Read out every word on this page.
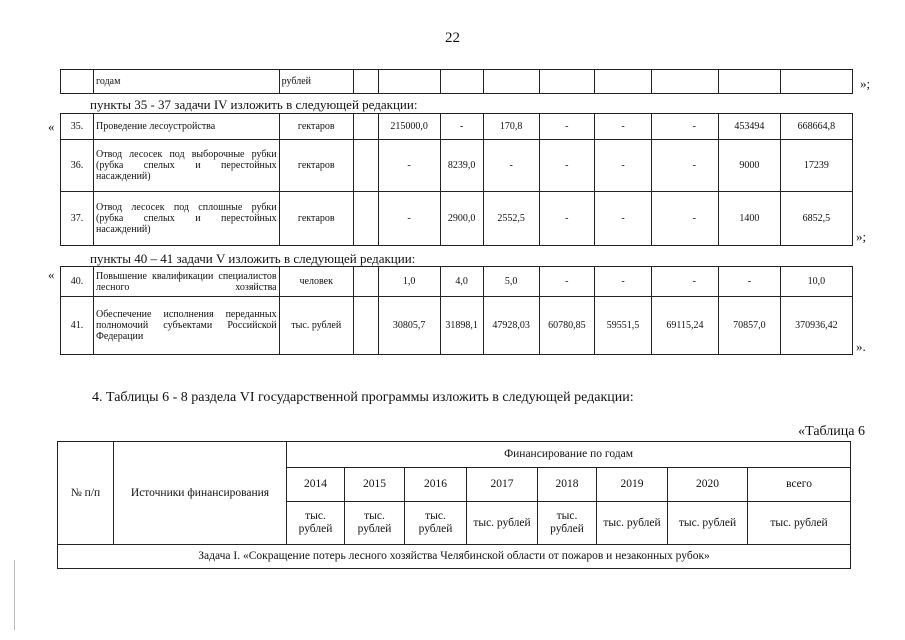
22
	годам	рублей										»;
пункты 35 - 37 задачи IV изложить в следующей редакции:
« 35.	Проведение лесоустройства	гектаров		215000,0	-	170,8	-	-	-	453494	668664,8
36.	Отвод лесосек под выборочные рубки (рубка спелых и перестойных насаждений)	гектаров		-	8239,0	-	-	-	-	9000	17239
37.	Отвод лесосек под сплошные рубки (рубка спелых и перестойных насаждений)	гектаров		-	2900,0	2552,5	-	-	-	1400	6852,5
»;
пункты 40 – 41 задачи V изложить в следующей редакции:
« 40.	Повышение квалификации специалистов лесного хозяйства	человек		1,0	4,0	5,0	-	-	-	-	10,0
41.	Обеспечение исполнения переданных полномочий субъектами Российской Федерации	тыс. рублей		30805,7	31898,1	47928,03	60780,85	59551,5	69115,24	70857,0	370936,42
».
4. Таблицы 6 - 8 раздела VI государственной программы изложить в следующей редакции:
«Таблица 6
№ п/п	Источники финансирования	Финансирование по годам							
		2014	2015	2016	2017	2018	2019	2020	всего
		тыс. рублей	тыс. рублей	тыс. рублей	тыс. рублей	тыс. рублей	тыс. рублей	тыс. рублей	тыс. рублей
Задача I. «Сокращение потерь лесного хозяйства Челябинской области от пожаров и незаконных рубок»									
